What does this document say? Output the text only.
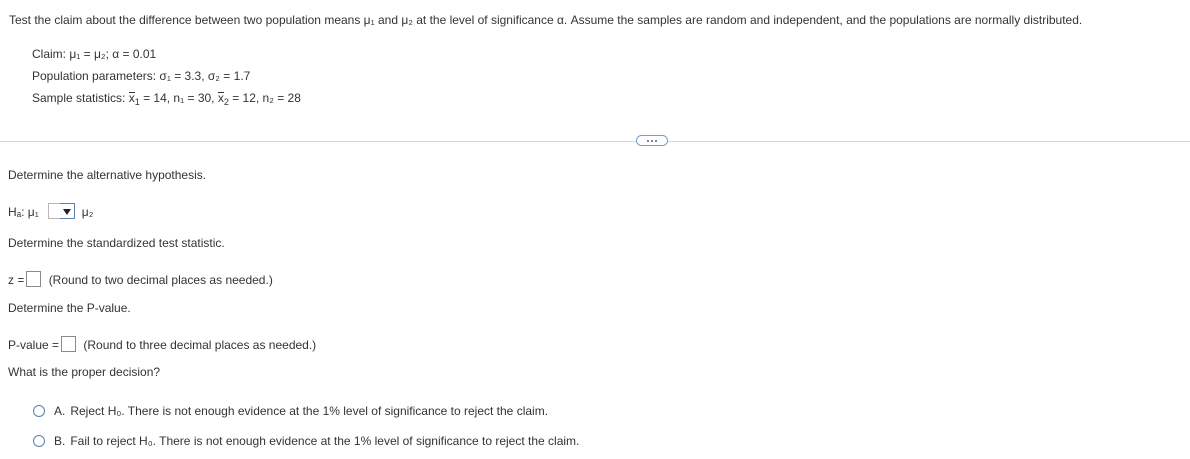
Test the claim about the difference between two population means μ₁ and μ₂ at the level of significance α. Assume the samples are random and independent, and the populations are normally distributed.
Claim: μ₁ = μ₂; α = 0.01
Population parameters: σ₁ = 3.3, σ₂ = 1.7
Sample statistics: $x_1 = 14$, n₁ = 30, $x_2 = 12$, n₂ = 28
Determine the alternative hypothesis.
Hₐ: μ₁	μ₂
Determine the standardized test statistic.
z = (Round to two decimal places as needed.)
Determine the P-value.
P-value = (Round to three decimal places as needed.)
What is the proper decision?
A. Reject H₀. There is not enough evidence at the 1% level of significance to reject the claim.
B. Fail to reject H₀. There is not enough evidence at the 1% level of significance to reject the claim.
